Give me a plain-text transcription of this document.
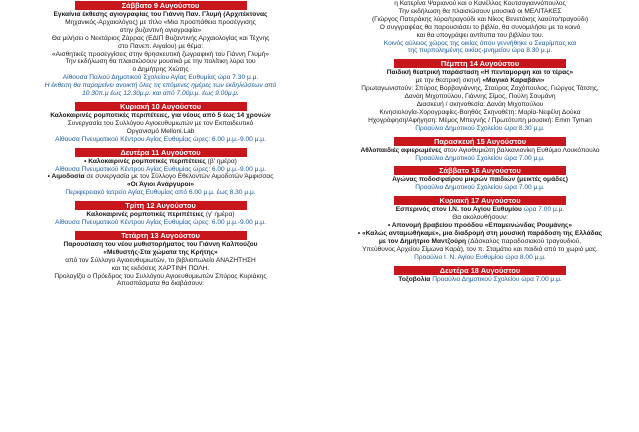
Σάββατο 9 Αυγούστου
Εγκαίνια έκθεσης αγιογραφίας του Γιάννη Παν. Γλυμή (Αρχιτέκτονας
Μηχανικός-Αρχαιολόγος) με τίτλο «Μια προσπάθεια προσέγγισης
στην βυζαντινή αγιογραφία»
Θα μιλήσει ο Νεκτάριος Ζάρρας (ΕΔΙΠ Βυζαντινής Αρχαιολογίας και Τέχνης
στο Πανεπ. Αιγαίου) με θέμα:
«Αισθητικές προσεγγίσεις στην θρησκευτική ζωγραφική του Γιάννη Γλυμή»
Την εκδήλωση θα πλαισιώσουν μουσικά με την πολίτικη λύρα του
ο Δημήτρης Χιώτης
Αίθουσα Παλιού Δημοτικού Σχολείου Αγίας Ευθυμίας ώρα 7.30 μ.μ.
Η έκθεση θα παραμείνει ανοικτή όλες τις επόμενες ημέρες των εκδηλώσεων από
10.30π.μ έως 12.30μ.μ. και από 7.00μ.μ. έως 9.00μ.μ.
Κυριακή 10 Αυγούστου
Καλοκαιρινές ρομποτικές περιπέτειες, για νέους από 5 έως 14 χρονών
Συνεργασία του Συλλόγου Αγιοευθυμιωτών με τον Εκπαιδευτικό
Οργανισμό Melloni.Lab
Αίθουσα Πνευματικού Κέντρου Αγίας Ευθυμίας ώρες: 6.00 μ.μ.-9.00 μ.μ.
Δευτέρα 11 Αυγούστου
• Καλοκαιρινές ρομποτικές περιπέτειες (β' ημέρα)
Αίθουσα Πνευματικού Κέντρου Αγίας Ευθυμίας ώρες: 6.00 μ.μ.-9.00 μ.μ.
• Αιμοδοσία σε συνεργασία με τον Σύλλογο Εθελοντών Αιμοδοτών Άμφισσας
«Οι Άγιοι Ανάργυροι»
Περιφερειακό Ιατρείο Αγίας Ευθυμίας από 6.00 μ.μ. έως 8.30 μ.μ.
Τρίτη 12 Αυγούστου
Καλοκαιρινές ρομποτικές περιπέτειες (γ' ημέρα)
Αίθουσα Πνευματικού Κέντρου Αγίας Ευθυμίας ώρες: 6.00 μ.μ.-9.00 μ.μ.
Τετάρτη 13 Αυγούστου
Παρουσίαση του νέου μυθιστορήματος του Γιάννη Καλπούζου
«Μεθυστής-Στα χώματα της Κρήτης»
από τον Σύλλογο Αγιοευθυμιωτών, το βιβλιοπωλείο ΑΝΑΖΗΤΗΣΗ
και τις εκδόσεις ΧΑΡΤΙΝΗ ΠΟΛΗ.
Προλογίζει ο Πρόεδρος του Συλλόγου Αγιοευθυμιωτών Σπύρος Κυριάκης
Αποσπάσματα θα διαβάσουν:
η Κατερίνα Ψαριανού και ο Κανέλλος Κουτσογιαννόπουλος
Την εκδήλωση θα πλαισιώσουν μουσικά οι ΜΕΛΙΤΑΚΕΣ
(Γιώργος Πατεράκης λύρα/τραγούδι και Νίκος Βενετάκης λαούτο/τραγούδι)
Ο συγγραφέας θα παρουσιάσει το βιβλίο, θα συνομιλήσει με το κοινό
και θα υπογράψει αντίτυπα του βιβλίου του.
Κοινός αύλειος χώρος της οικίας όπου γεννήθηκε ο Σκαρίμπας και
της πυρπολημένης οικίας-μνημείου ώρα 8.30 μ.μ.
Πέμπτη 14 Αυγούστου
Παιδική θεατρική παράσταση «Η πενταμορφη και το τέρας»
με την θεατρική σκηνή «Μαγικό Καραβάνι»
Πρωταγωνιστούν: Σπύρος Βορβαγιάννης, Σταύρος Ζαχόπουλος, Γιώργος Τάτσης,
Δανάη Μιχοπούλου, Γιάννης Σίμος, Πούλη Σουμάνη
Διασκευή / σκηνοθεσία: Δανάη Μιχοπούλου
Κινησιολογία-Χορογραφίες-Βοηθός Σκηνοθέτη: Μαρία-Νεφέλη Δούκα
Ηχογράφηση/Αφήγηση: Μέμος Μπεγνής / Πρωτότυπη μουσική: Emm Tyman
Προαύλιο Δημοτικού Σχολείου ώρα 8.30 μ.μ.
Παρασκευή 15 Αυγούστου
Αθλοπαιδιές αφιερωμένες στον Αγιοθυμιώτη βαλκανιονίκη Ευθύμιο Λουκόπουλο
Προαύλιο Δημοτικού Σχολείου ώρα 7.00 μ.μ.
Σάββατο 16 Αυγούστου
Αγώνας ποδοσφαίρου μικρών παιδιών (μεικτές ομάδες)
Προαύλιο Δημοτικού Σχολείου ώρα 7.00 μ.μ.
Κυριακή 17 Αυγούστου
Εσπερινός στον Ι.Ν. του Αγίου Ευθυμίου ώρα 7.00 μ.μ.
Θα ακολουθήσουν:
• Απονομή βραβείου προόδου «Επαμεινώνδας Ρουμάνης»
• «Καλώς ανταμωθήκαμε», μια διαδρομή στη μουσική παράδοση της Ελλάδας
με τον Δημήτριο Μαντζούρη (Δάσκαλος παραδοσιακού τραγουδιού,
Υπεύθυνος Αρχείου Σίμωνα Καρά), τον π. Σταμάτιο και παιδιά από το χωριό μας.
Προαύλιο Ι. Ν. Αγίου Ευθυμίου ώρα 8.00 μ.μ.
Δευτέρα 18 Αυγούστου
Τοξοβολία Προαύλιο Δημοτικού Σχολείου ώρα 7.00 μ.μ.
